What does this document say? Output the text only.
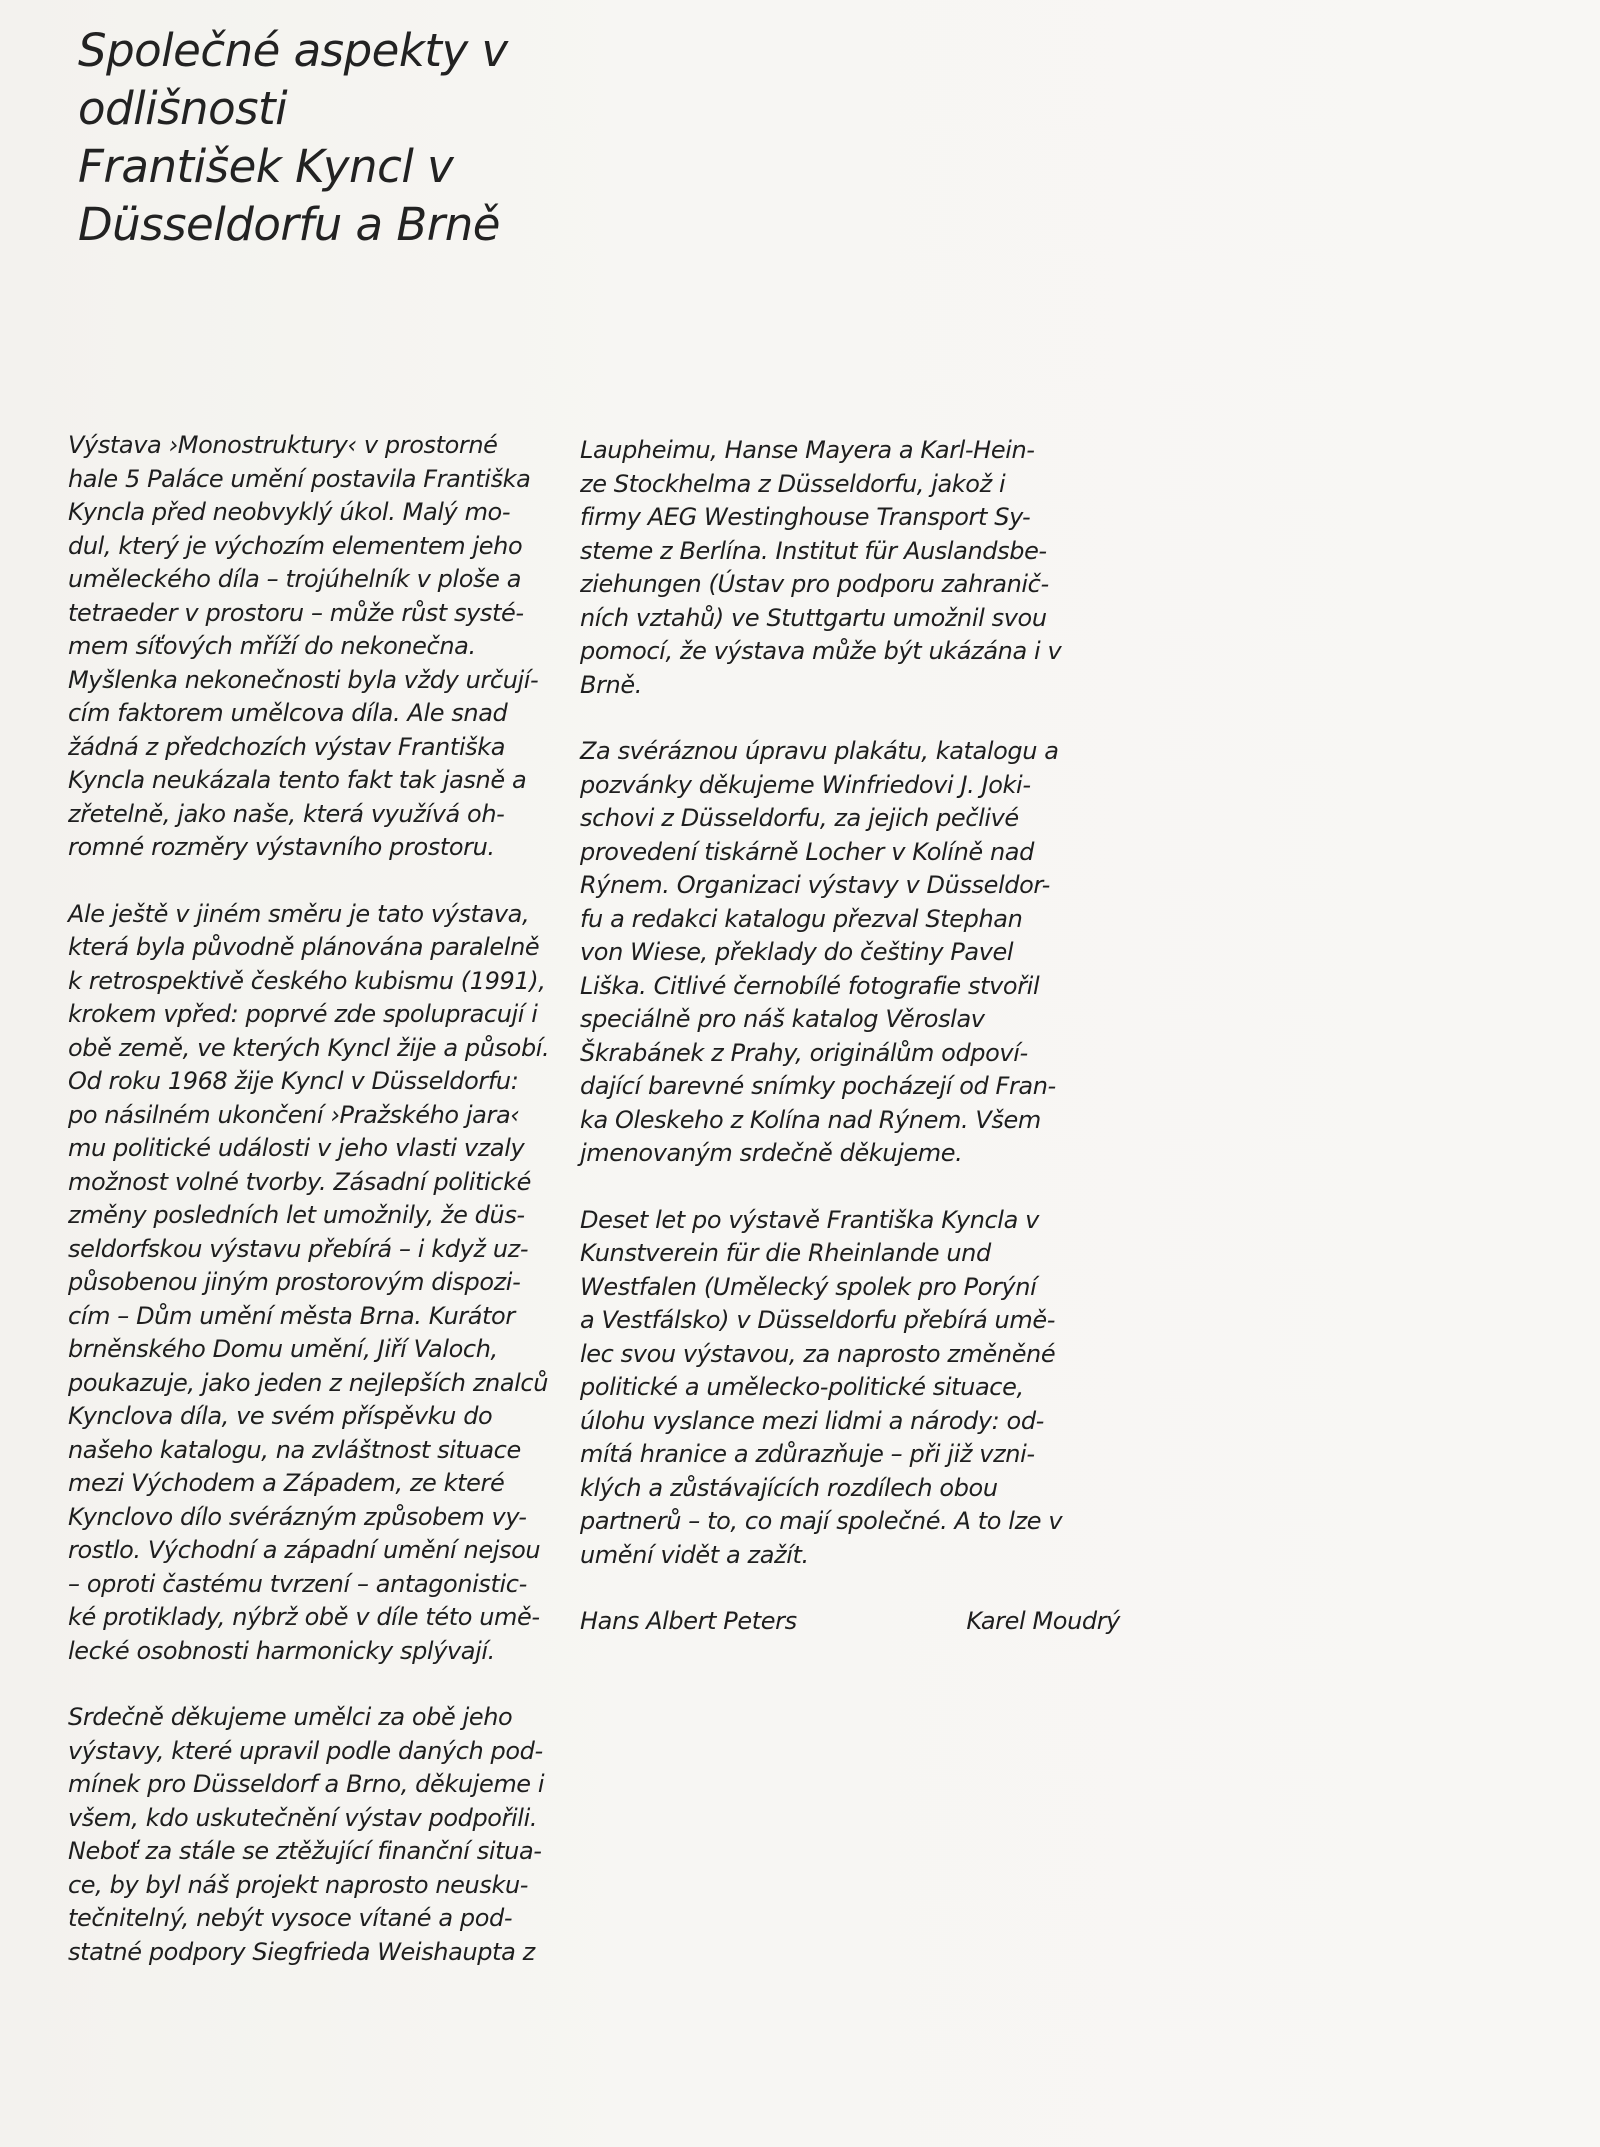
Společné aspekty v
odlišnosti
František Kyncl v
Düsseldorfu a Brně

Výstava ›Monostruktury‹ v prostorné
hale 5 Paláce umění postavila Františka
Kyncla před neobvyklý úkol. Malý mo-
dul, který je výchozím elementem jeho
uměleckého díla – trojúhelník v ploše a
tetraeder v prostoru – může růst systé-
mem síťových mříží do nekonečna.
Myšlenka nekonečnosti byla vždy určují-
cím faktorem umělcova díla. Ale snad
žádná z předchozích výstav Františka
Kyncla neukázala tento fakt tak jasně a
zřetelně, jako naše, která využívá oh-
romné rozměry výstavního prostoru.

Ale ještě v jiném směru je tato výstava,
která byla původně plánována paralelně
k retrospektivě českého kubismu (1991),
krokem vpřed: poprvé zde spolupracují i
obě země, ve kterých Kyncl žije a působí.
Od roku 1968 žije Kyncl v Düsseldorfu:
po násilném ukončení ›Pražského jara‹
mu politické události v jeho vlasti vzaly
možnost volné tvorby. Zásadní politické
změny posledních let umožnily, že düs-
seldorfskou výstavu přebírá – i když uz-
působenou jiným prostorovým dispozi-
cím – Dům umění města Brna. Kurátor
brněnského Domu umění, Jiří Valoch,
poukazuje, jako jeden z nejlepších znalců
Kynclova díla, ve svém příspěvku do
našeho katalogu, na zvláštnost situace
mezi Východem a Západem, ze které
Kynclovo dílo svérázným způsobem vy-
rostlo. Východní a západní umění nejsou
– oproti častému tvrzení – antagonistic-
ké protiklady, nýbrž obě v díle této umě-
lecké osobnosti harmonicky splývají.

Srdečně děkujeme umělci za obě jeho
výstavy, které upravil podle daných pod-
mínek pro Düsseldorf a Brno, děkujeme i
všem, kdo uskutečnění výstav podpořili.
Neboť za stále se ztěžující finanční situa-
ce, by byl náš projekt naprosto neusku-
tečnitelný, nebýt vysoce vítané a pod-
statné podpory Siegfrieda Weishaupta z

Laupheimu, Hanse Mayera a Karl-Hein-
ze Stockhelma z Düsseldorfu, jakož i
firmy AEG Westinghouse Transport Sy-
steme z Berlína. Institut für Auslandsbe-
ziehungen (Ústav pro podporu zahranič-
ních vztahů) ve Stuttgartu umožnil svou
pomocí, že výstava může být ukázána i v
Brně.

Za svéráznou úpravu plakátu, katalogu a
pozvánky děkujeme Winfriedovi J. Joki-
schovi z Düsseldorfu, za jejich pečlivé
provedení tiskárně Locher v Kolíně nad
Rýnem. Organizaci výstavy v Düsseldor-
fu a redakci katalogu přezval Stephan
von Wiese, překlady do češtiny Pavel
Liška. Citlivé černobílé fotografie stvořil
speciálně pro náš katalog Věroslav
Škrabánek z Prahy, originálům odpoví-
dající barevné snímky pocházejí od Fran-
ka Oleskeho z Kolína nad Rýnem. Všem
jmenovaným srdečně děkujeme.

Deset let po výstavě Františka Kyncla v
Kunstverein für die Rheinlande und
Westfalen (Umělecký spolek pro Porýní
a Vestfálsko) v Düsseldorfu přebírá umě-
lec svou výstavou, za naprosto změněné
politické a umělecko-politické situace,
úlohu vyslance mezi lidmi a národy: od-
mítá hranice a zdůrazňuje – při již vzni-
klých a zůstávajících rozdílech obou
partnerů – to, co mají společné. A to lze v
umění vidět a zažít.

Hans Albert Peters	Karel Moudrý
